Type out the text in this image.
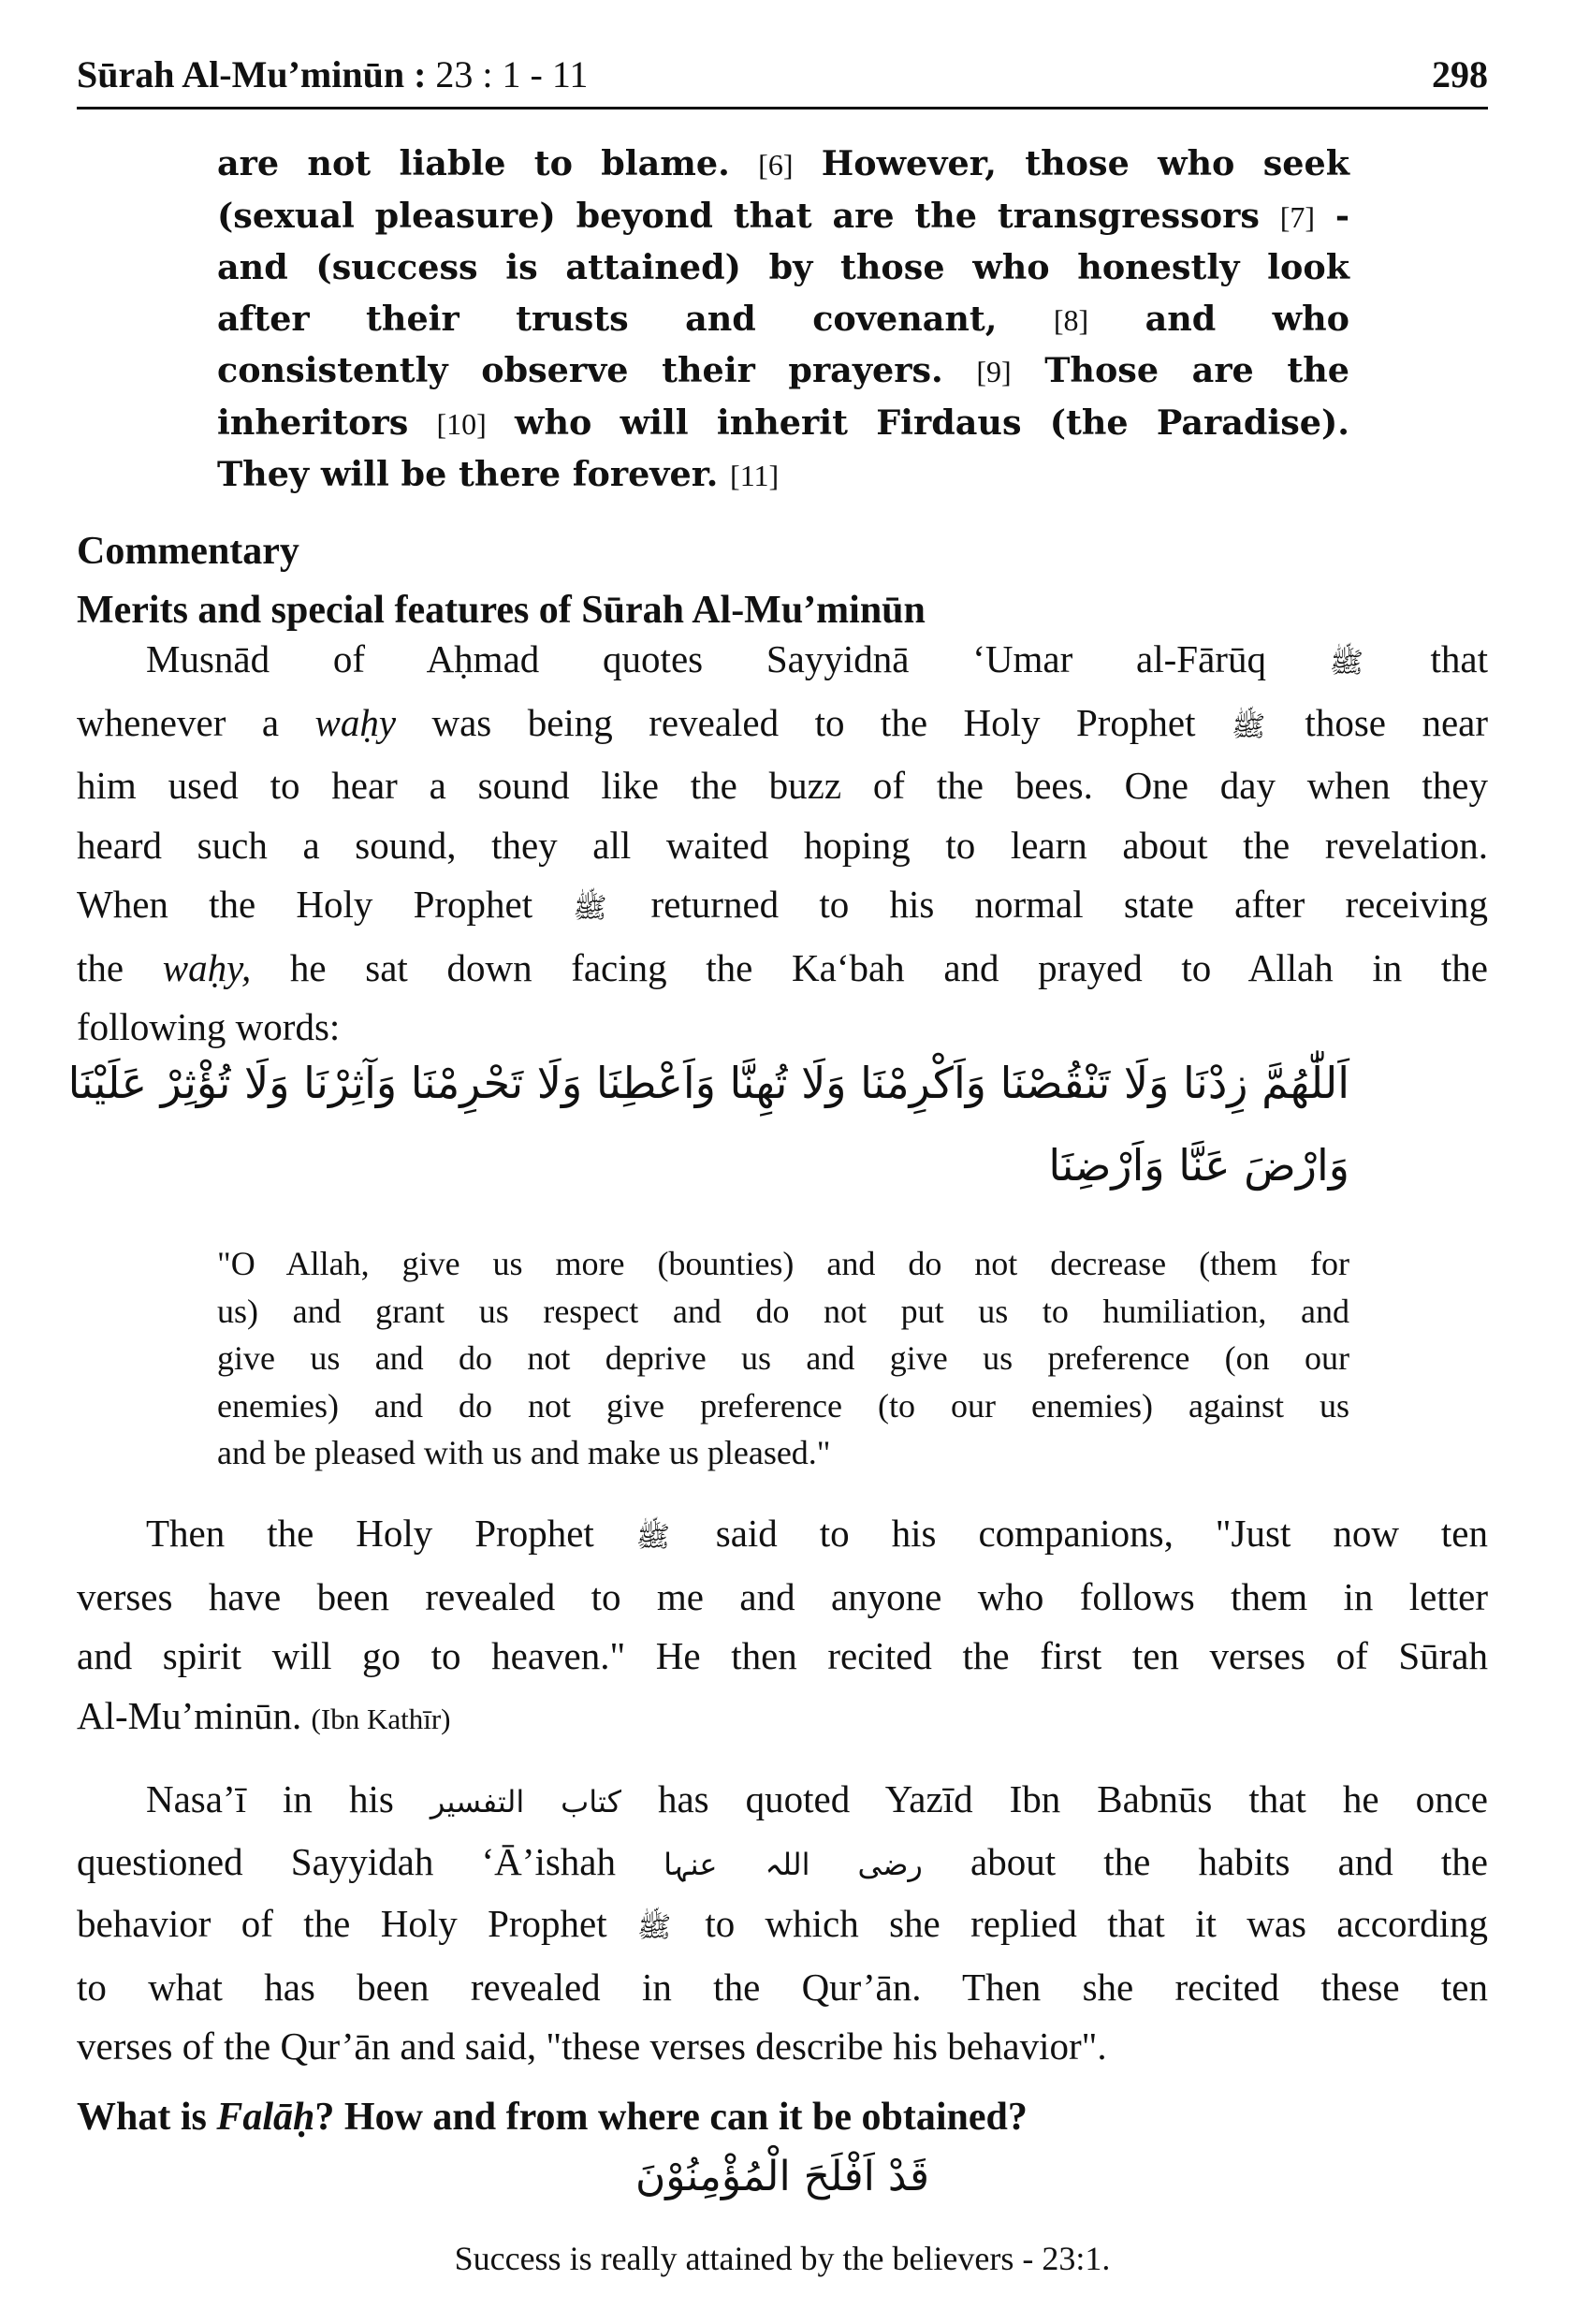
Sūrah Al-Mu’minūn : 23 : 1 - 11	298
are not liable to blame. [6] However, those who seek
(sexual pleasure) beyond that are the transgressors [7] -
and (success is attained) by those who honestly look
after their trusts and covenant, [8] and who
consistently observe their prayers. [9] Those are the
inheritors [10] who will inherit Firdaus (the Paradise).
They will be there forever. [11]
Commentary
Merits and special features of Sūrah Al-Mu’minūn
Musnād of Aḥmad quotes Sayyidnā ‘Umar al-Fārūq ﷺ that
whenever a waḥy was being revealed to the Holy Prophet ﷺ those near
him used to hear a sound like the buzz of the bees. One day when they
heard such a sound, they all waited hoping to learn about the revelation.
When the Holy Prophet ﷺ returned to his normal state after receiving
the waḥy, he sat down facing the Ka‘bah and prayed to Allah in the
following words:
اَللّٰهُمَّ زِدْنَا وَلَا تَنْقُصْنَا وَاَكْرِمْنَا وَلَا تُهِنَّا وَاَعْطِنَا وَلَا تَحْرِمْنَا وَآثِرْنَا وَلَا تُؤْثِرْ عَلَيْنَا
وَارْضَ عَنَّا وَاَرْضِنَا
"O Allah, give us more (bounties) and do not decrease (them for
us) and grant us respect and do not put us to humiliation, and
give us and do not deprive us and give us preference (on our
enemies) and do not give preference (to our enemies) against us
and be pleased with us and make us pleased."
Then the Holy Prophet ﷺ said to his companions, "Just now ten
verses have been revealed to me and anyone who follows them in letter
and spirit will go to heaven." He then recited the first ten verses of Sūrah
Al-Mu’minūn. (Ibn Kathīr)
Nasa’ī in his كتاب التفسير has quoted Yazīd Ibn Babnūs that he once
questioned Sayyidah ‘Ā’ishah رضی اللہ عنہا about the habits and the
behavior of the Holy Prophet ﷺ to which she replied that it was according
to what has been revealed in the Qur’ān. Then she recited these ten
verses of the Qur’ān and said, "these verses describe his behavior".
What is Falāḥ? How and from where can it be obtained?
قَدْ اَفْلَحَ الْمُؤْمِنُوْنَ
Success is really attained by the believers - 23:1.
